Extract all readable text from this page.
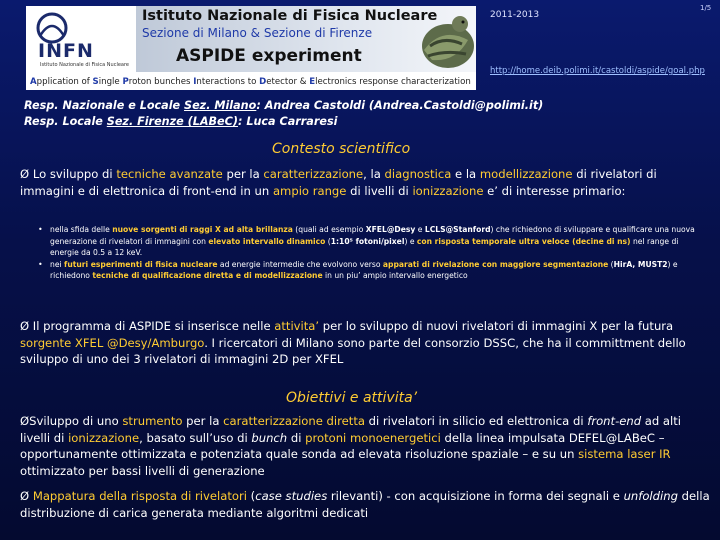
INFN
Istituto Nazionale di Fisica Nucleare
Istituto Nazionale di Fisica Nucleare
Sezione di Milano & Sezione di Firenze
ASPIDE experiment
Application of Single Proton bunches Interactions to Detector & Electronics response characterization
2011-2013
1/5
http://home.deib.polimi.it/castoldi/aspide/goal.php
Resp. Nazionale e Locale Sez. Milano: Andrea Castoldi (Andrea.Castoldi@polimi.it)
Resp. Locale Sez. Firenze (LABeC): Luca Carraresi
Contesto scientifico
Ø Lo sviluppo di tecniche avanzate per la caratterizzazione, la diagnostica e la modellizzazione di rivelatori di immagini e di elettronica di front-end in un ampio range di livelli di ionizzazione e’ di interesse primario:
• nella sfida delle nuove sorgenti di raggi X ad alta brillanza (quali ad esempio XFEL@Desy e LCLS@Stanford) che richiedono di sviluppare e qualificare una nuova generazione di rivelatori di immagini con elevato intervallo dinamico (1:10⁵ fotoni/pixel) e con risposta temporale ultra veloce (decine di ns) nel range di energie da 0.5 a 12 keV.
• nei futuri esperimenti di fisica nucleare ad energie intermedie che evolvono verso apparati di rivelazione con maggiore segmentazione (HirA, MUST2) e richiedono tecniche di qualificazione diretta e di modellizzazione in un piu’ ampio intervallo energetico
Ø Il programma di ASPIDE si inserisce nelle attivita’ per lo sviluppo di nuovi rivelatori di immagini X per la futura sorgente XFEL @Desy/Amburgo. I ricercatori di Milano sono parte del consorzio DSSC, che ha il committment dello sviluppo di uno dei 3 rivelatori di immagini 2D per XFEL
Obiettivi e attivita’
ØSviluppo di uno strumento per la caratterizzazione diretta di rivelatori in silicio ed elettronica di front-end ad alti livelli di ionizzazione, basato sull’uso di bunch di protoni monoenergetici della linea impulsata DEFEL@LABeC – opportunamente ottimizzata e potenziata quale sonda ad elevata risoluzione spaziale – e su un sistema laser IR ottimizzato per bassi livelli di generazione
Ø Mappatura della risposta di rivelatori (case studies rilevanti) - con acquisizione in forma dei segnali e unfolding della distribuzione di carica generata mediante algoritmi dedicati
